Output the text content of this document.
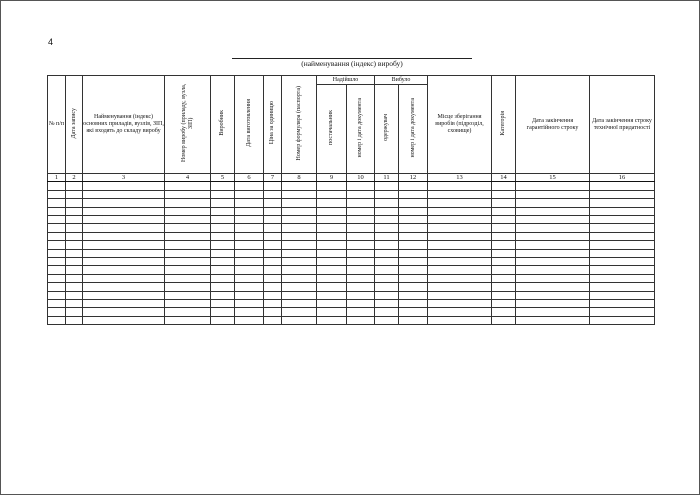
4
(найменування (індекс) виробу)
№ п/п	Дата запису	Найменування (індекс) основних приладів, вузлів, ЗІП, які входять до складу виробу	Номер виробу (приладу, вузла, ЗІП)	Виробник	Дата виготовлення	Ціна за одиницю	Номер формуляра (паспорта)	Надійшло		Вибуло		Місце зберігання виробів (підрозділ, сховище)	Категорія	Дата закінчення гарантійного строку	Дата закінчення строку технічної придатності
								постачальник	номер і дата документа	одержувач	номер і дата документа				
1	2	3	4	5	6	7	8	9	10	11	12	13	14	15	16
